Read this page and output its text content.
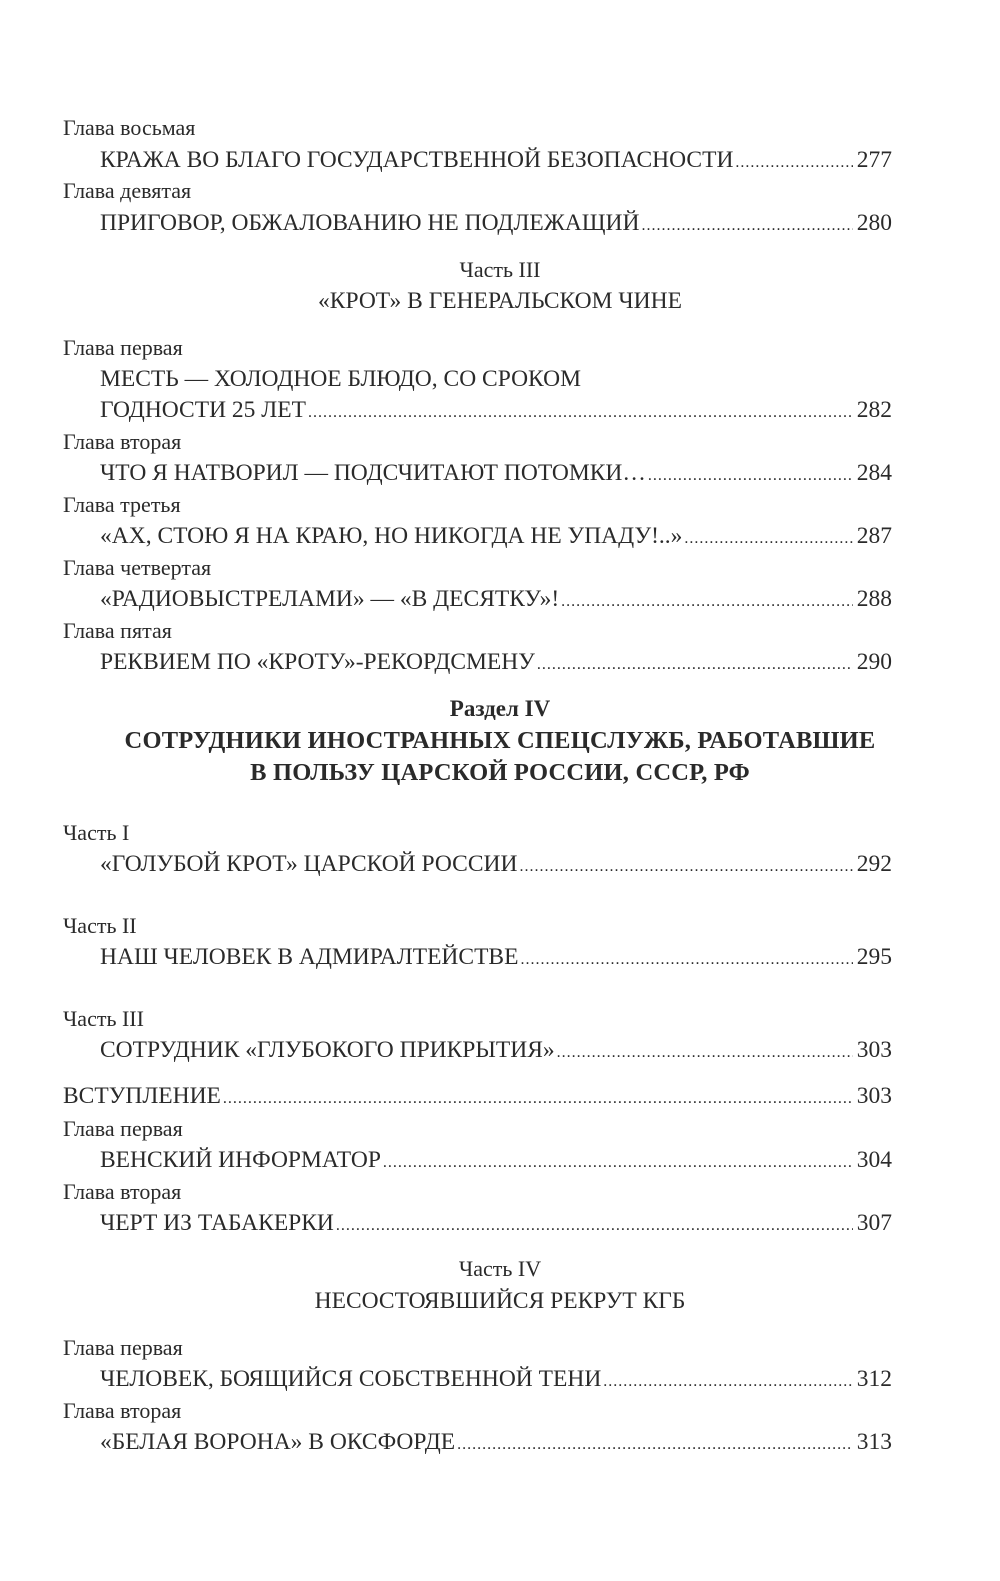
Глава восьмая
КРАЖА ВО БЛАГО ГОСУДАРСТВЕННОЙ БЕЗОПАСНОСТИ .....	277
Глава девятая
ПРИГОВОР, ОБЖАЛОВАНИЮ НЕ ПОДЛЕЖАЩИЙ .....	280
Часть III
«КРОТ» В ГЕНЕРАЛЬСКОМ ЧИНЕ
Глава первая
МЕСТЬ — ХОЛОДНОЕ БЛЮДО, СО СРОКОМ
ГОДНОСТИ 25 ЛЕТ .....	282
Глава вторая
ЧТО Я НАТВОРИЛ — ПОДСЧИТАЮТ ПОТОМКИ… .....	284
Глава третья
«АХ, СТОЮ Я НА КРАЮ, НО НИКОГДА НЕ УПАДУ!..» .....	287
Глава четвертая
«РАДИОВЫСТРЕЛАМИ» — «В ДЕСЯТКУ»! .....	288
Глава пятая
РЕКВИЕМ ПО «КРОТУ»-РЕКОРДСМЕНУ .....	290
Раздел IV
СОТРУДНИКИ ИНОСТРАННЫХ СПЕЦСЛУЖБ, РАБОТАВШИЕ
В ПОЛЬЗУ ЦАРСКОЙ РОССИИ, СССР, РФ
Часть I
«ГОЛУБОЙ КРОТ» ЦАРСКОЙ РОССИИ .....	292
Часть II
НАШ ЧЕЛОВЕК В АДМИРАЛТЕЙСТВЕ .....	295
Часть III
СОТРУДНИК «ГЛУБОКОГО ПРИКРЫТИЯ» .....	303
ВСТУПЛЕНИЕ .....	303
Глава первая
ВЕНСКИЙ ИНФОРМАТОР .....	304
Глава вторая
ЧЕРТ ИЗ ТАБАКЕРКИ .....	307
Часть IV
НЕСОСТОЯВШИЙСЯ РЕКРУТ КГБ
Глава первая
ЧЕЛОВЕК, БОЯЩИЙСЯ СОБСТВЕННОЙ ТЕНИ .....	312
Глава вторая
«БЕЛАЯ ВОРОНА» В ОКСФОРДЕ .....	313
